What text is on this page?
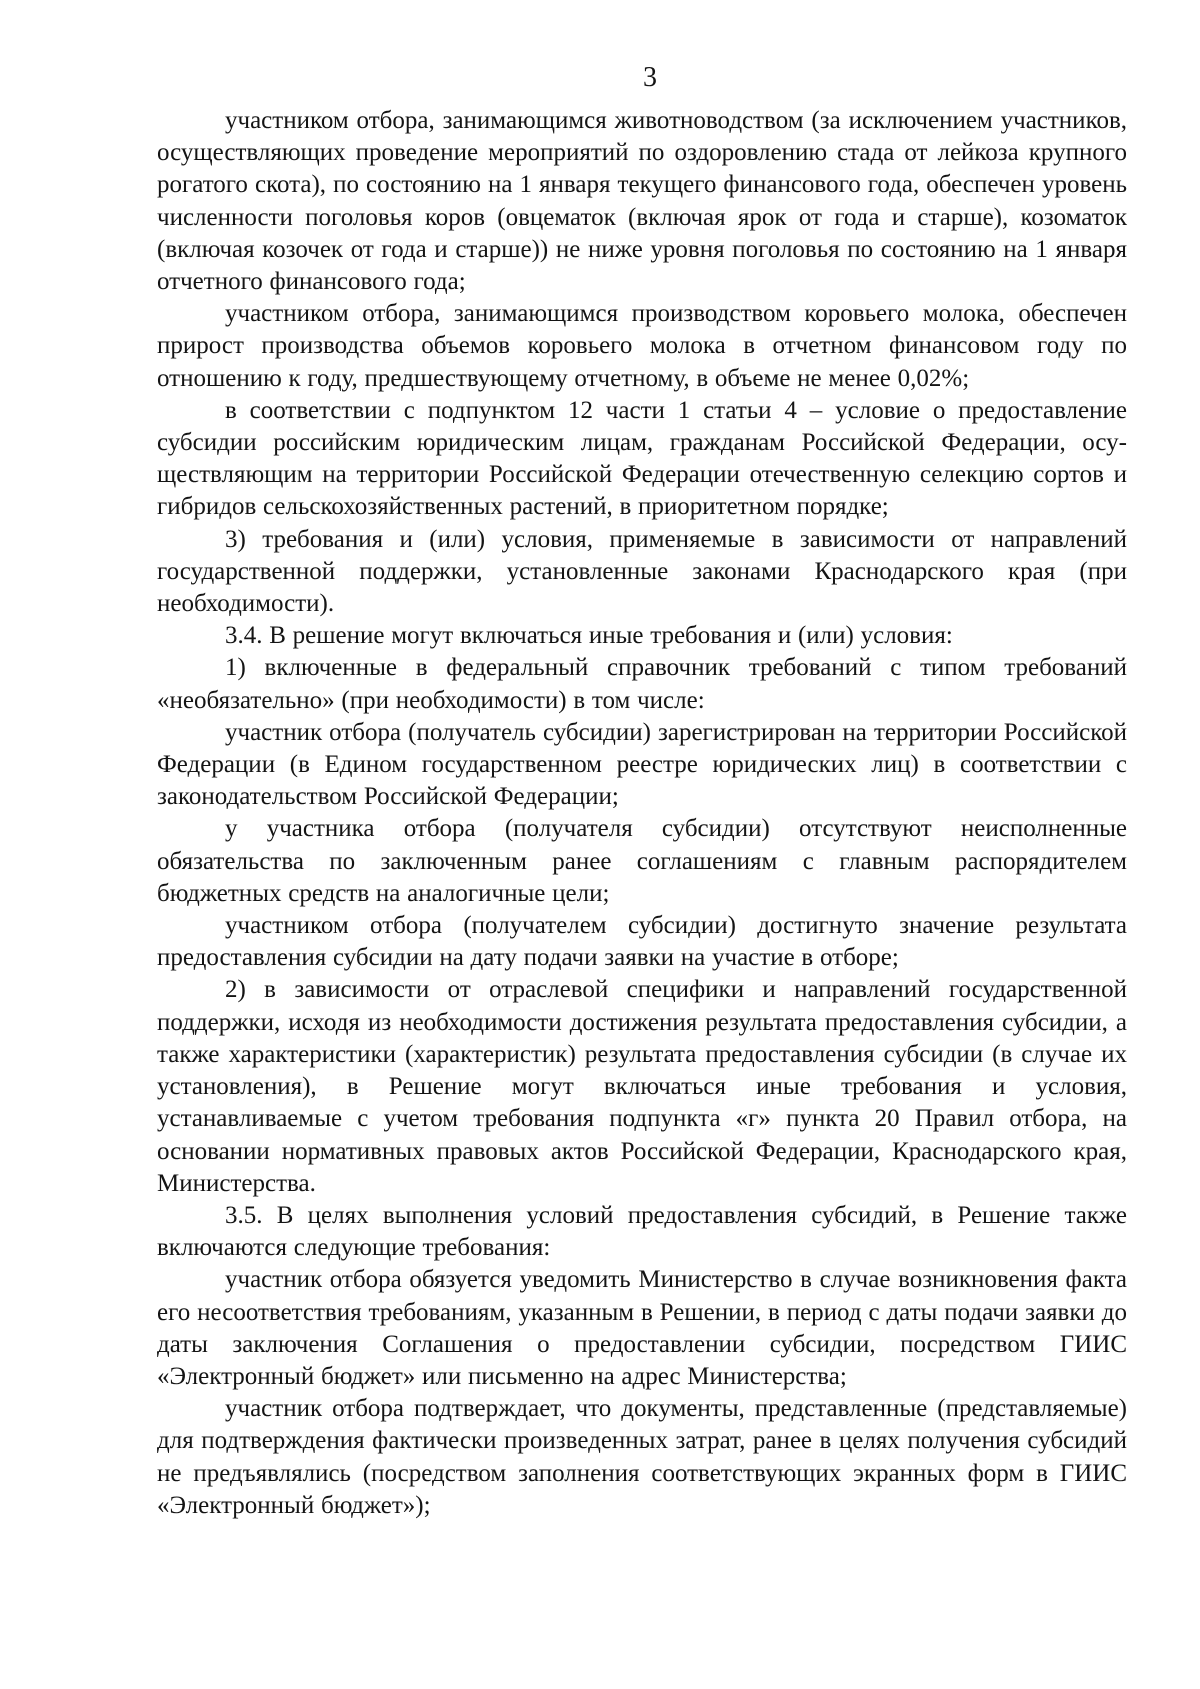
3

участником отбора, занимающимся животноводством (за исключением участников, осуществляющих проведение мероприятий по оздоровлению стада от лейкоза крупного рогатого скота), по состоянию на 1 января текущего финансового года, обеспечен уровень численности поголовья коров (овцематок (включая ярок от года и старше), козоматок (включая козочек от года и старше)) не ниже уровня поголовья по состоянию на 1 января отчетного финансового года;

участником отбора, занимающимся производством коровьего молока, обеспечен прирост производства объемов коровьего молока в отчетном финансовом году по отношению к году, предшествующему отчетному, в объеме не менее 0,02%;

в соответствии с подпунктом 12 части 1 статьи 4 – условие о предоставление субсидии российским юридическим лицам, гражданам Российской Федерации, осуществляющим на территории Российской Федерации отечественную селекцию сортов и гибридов сельскохозяйственных растений, в приоритетном порядке;

3) требования и (или) условия, применяемые в зависимости от направлений государственной поддержки, установленные законами Краснодарского края (при необходимости).

3.4. В решение могут включаться иные требования и (или) условия:

1) включенные в федеральный справочник требований с типом требований «необязательно» (при необходимости) в том числе:

участник отбора (получатель субсидии) зарегистрирован на территории Российской Федерации (в Едином государственном реестре юридических лиц) в соответствии с законодательством Российской Федерации;

у участника отбора (получателя субсидии) отсутствуют неисполненные обязательства по заключенным ранее соглашениям с главным распорядителем бюджетных средств на аналогичные цели;

участником отбора (получателем субсидии) достигнуто значение результата предоставления субсидии на дату подачи заявки на участие в отборе;

2) в зависимости от отраслевой специфики и направлений государственной поддержки, исходя из необходимости достижения результата предоставления субсидии, а также характеристики (характеристик) результата предоставления субсидии (в случае их установления), в Решение могут включаться иные требования и условия, устанавливаемые с учетом требования подпункта «г» пункта 20 Правил отбора, на основании нормативных правовых актов Российской Федерации, Краснодарского края, Министерства.

3.5. В целях выполнения условий предоставления субсидий, в Решение также включаются следующие требования:

участник отбора обязуется уведомить Министерство в случае возникновения факта его несоответствия требованиям, указанным в Решении, в период с даты подачи заявки до даты заключения Соглашения о предоставлении субсидии, посредством ГИИС «Электронный бюджет» или письменно на адрес Министерства;

участник отбора подтверждает, что документы, представленные (представляемые) для подтверждения фактически произведенных затрат, ранее в целях получения субсидий не предъявлялись (посредством заполнения соответствующих экранных форм в ГИИС «Электронный бюджет»);
